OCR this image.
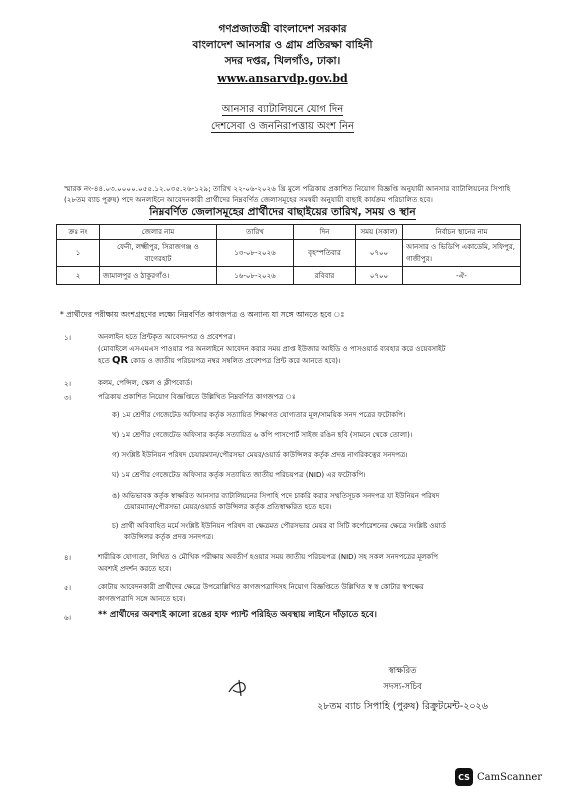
গণপ্রজাতন্ত্রী বাংলাদেশ সরকার
বাংলাদেশ আনসার ও গ্রাম প্রতিরক্ষা বাহিনী
সদর দপ্তর, খিলগাঁও, ঢাকা।
www.ansarvdp.gov.bd
আনসার ব্যাটালিয়নে যোগ দিন
দেশসেবা ও জননিরাপত্তায় অংশ নিন
স্মারক নং-৪৪.০৩.০০০০.০৫৫.১২.০৩৫.২৬-১২৯; তারিখ ২২-০৬-২০২৬ খ্রি মুলে পত্রিকায় প্রকাশিত নিয়োগ বিজ্ঞপ্তি অনুযায়ী আনসার ব্যাটালিয়নের সিপাহি (২৮তম ব্যাচ পুরুষ) পদে অনলাইনে আবেদনকারী প্রার্থীদের নিম্নবর্ণিত জেলাসমূহের সমন্বয়ী অনুযায়ী বাছাই কার্যক্রম পরিচালিত হবে।
নিম্নবর্ণিত জেলাসমূহের প্রার্থীদের বাছাইয়ের তারিখ, সময় ও স্থান
ক্রঃ নং	জেলার নাম	তারিখ	দিন	সময় (সকাল)	নির্বাচন স্থানের নাম
১	ফেনী, লক্ষ্মীপুর, সিরাজগঞ্জ ও বাগেরহাট	১৩-০৮-২০২৬	বৃহস্পতিবার	০৭০০	আনসার ও ভিডিপি একাডেমি, সফিপুর, গাজীপুর।
২	জামালপুর ও ঠাকুরগাঁও।	১৬-০৮-২০২৬	রবিবার	০৭০০	-ঐ-
* প্রার্থীদের পরীক্ষায় অংশগ্রহণের লক্ষ্যে নিম্নবর্ণিত কাগজপত্র ও অন্যান্য যা সঙ্গে আনতে হবে ঃ
১।	অনলাইন হতে প্রিন্টকৃত আবেদনপত্র ও প্রবেশপত্র।
(মোবাইলে এসএমএস পাওয়ার পর অনলাইনে আবেদন করার সময় প্রাপ্ত ইউজার আইডি ও পাসওয়ার্ড ব্যবহার করে ওয়েবসাইট
হতে QR কোড ও জাতীয় পরিচয়পত্র নম্বর সম্বলিত প্রবেশপত্র প্রিন্ট করে আনতে হবে)।
২।	কলম, পেন্সিল, স্কেল ও ক্লীপবোর্ড।
৩।	পত্রিকায় প্রকাশিত নিয়োগ বিজ্ঞপ্তিতে উল্লিখিত নিম্নবর্ণিত কাগজপত্র ঃ
ক) ১ম শ্রেণীর গেজেটেড অফিসার কর্তৃক সত্যায়িত শিক্ষাগত যোগ্যতার মূল/সাময়িক সনদ পত্রের ফটোকপি।
খ) ১ম শ্রেণীর গেজেটেড অফিসার কর্তৃক সত্যায়িত ৬ কপি পাসপোর্ট সাইজ রঙিন ছবি (সামনে থেকে তোলা)।
গ) সংশ্লিষ্ট ইউনিয়ন পরিষদ চেয়ারম্যান/পৌরসভা মেয়র/ওয়ার্ড কাউন্সিলর কর্তৃক প্রদত্ত নাগরিকত্বের সনদপত্র।
ঘ) ১ম শ্রেণীর গেজেটেড অফিসার কর্তৃক সত্যায়িত জাতীয় পরিচয়পত্র (NID) এর ফটোকপি।
ঙ) অভিভাবক কর্তৃক স্বাক্ষরিত আনসার ব্যাটালিয়নের সিপাহি পদে চাকরি করার সম্মতিসূচক সনদপত্র যা ইউনিয়ন পরিষদ
চেয়ারম্যান/পৌরসভা মেয়র/ওয়ার্ড কাউন্সিলর কর্তৃক প্রতিস্বাক্ষরিত হতে হবে।
চ) প্রার্থী অবিবাহিত মর্মে সংশ্লিষ্ট ইউনিয়ন পরিষদ বা ক্ষেত্রমত পৌরসভার মেয়র বা সিটি কর্পোরেশনের ক্ষেত্রে সংশ্লিষ্ট ওয়ার্ড
কাউন্সিলর কর্তৃক প্রদত্ত সনদপত্র।
৪।	শারীরিক যোগ্যতা, লিখিত ও মৌখিক পরীক্ষায় অবতীর্ণ হওয়ার সময় জাতীয় পরিচয়পত্র (NID) সহ সকল সনদপত্রের মূলকপি
অবশ্যই প্রদর্শন করতে হবে।
৫।	কোটায় আবেদনকারী প্রার্থীদের ক্ষেত্রে উপরোল্লিখিত কাগজপত্রাদিসহ নিয়োগ বিজ্ঞপ্তিতে উল্লিখিত স্ব স্ব কোটার স্বপক্ষের
কাগজপত্রাদি সঙ্গে আনতে হবে।
৬।	** প্রার্থীদের অবশ্যই কালো রঙের হাফ প্যান্ট পরিহিত অবস্থায় লাইনে দাঁড়াতে হবে।
স্বাক্ষরিত
সদস্য-সচিব
২৮তম ব্যাচ সিপাহি (পুরুষ) রিক্রুটমেন্ট-২০২৬
CS CamScanner
